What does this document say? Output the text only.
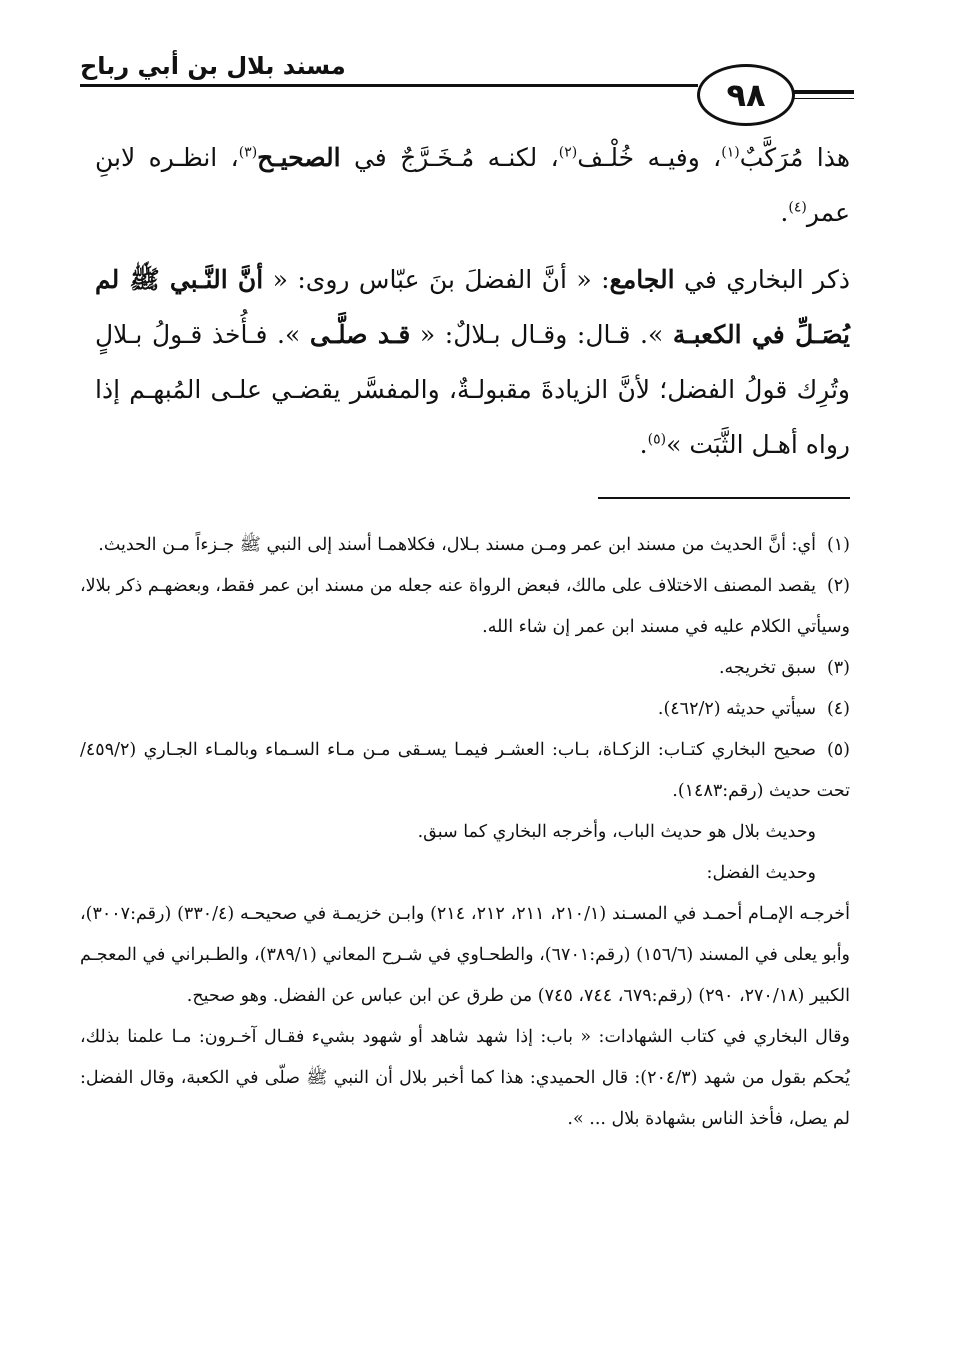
مسند بلال بن أبي رباح
٩٨

هذا مُرَكَّبٌ$^{(١)}$، وفيـه خُلْـف$^{(٢)}$، لكنـه مُـخَـرَّجٌ في الصحيـح$^{(٣)}$، انظـره لابنِ عمر$^{(٤)}$.

ذكر البخاري في الجامع: « أنَّ الفضلَ بنَ عبّاس روى: « أنَّ النَّـبي ﷺ لم يُصَـلِّ في الكعبـة ». قـال: وقـال بـلالٌ: « قـد صلَّـى ». فـأُخذ قـولُ بـلالٍ وتُرِك قولُ الفضل؛ لأنَّ الزيادةَ مقبولـةٌ، والمفسَّر يقضـي علـى المُبهـم إذا رواه أهـل الثَّبَت »$^{(٥)}$.

(١)أي: أنَّ الحديث من مسند ابن عمر ومـن مسند بـلال، فكلاهمـا أسند إلى النبي ﷺ جـزءاً مـن الحديث.

(٢)يقصد المصنف الاختلاف على مالك، فبعض الرواة عنه جعله من مسند ابن عمر فقط، وبعضهـم ذكر بلالا، وسيأتي الكلام عليه في مسند ابن عمر إن شاء الله.

(٣)سبق تخريجه.

(٤)سيأتي حديثه (٤٦٢/٢).

(٥)صحيح البخاري كتـاب: الزكـاة، بـاب: العشـر فيمـا يسـقى مـن مـاء السـماء وبالمـاء الجـاري (٤٥٩/٢/ تحت حديث (رقم:١٤٨٣).

وحديث بلال هو حديث الباب، وأخرجه البخاري كما سبق.

وحديث الفضل:

أخرجـه الإمـام أحمـد في المسـند (٢١٠/١، ٢١١، ٢١٢، ٢١٤) وابـن خزيمـة في صحيحـه (٣٣٠/٤) (رقم:٣٠٠٧)، وأبو يعلى في المسند (١٥٦/٦) (رقم:٦٧٠١)، والطحـاوي في شـرح المعاني (٣٨٩/١)، والطـبراني في المعجـم الكبير (٢٧٠/١٨، ٢٩٠) (رقم:٦٧٩، ٧٤٤، ٧٤٥) من طرق عن ابن عباس عن الفضل. وهو صحيح.

وقال البخاري في كتاب الشهادات: « باب: إذا شهد شاهد أو شهود بشيء فقـال آخـرون: مـا علمنا بذلك، يُحكم بقول من شهد (٢٠٤/٣): قال الحميدي: هذا كما أخبر بلال أن النبي ﷺ صلّى في الكعبة، وقال الفضل: لم يصل، فأخذ الناس بشهادة بلال ... ».
